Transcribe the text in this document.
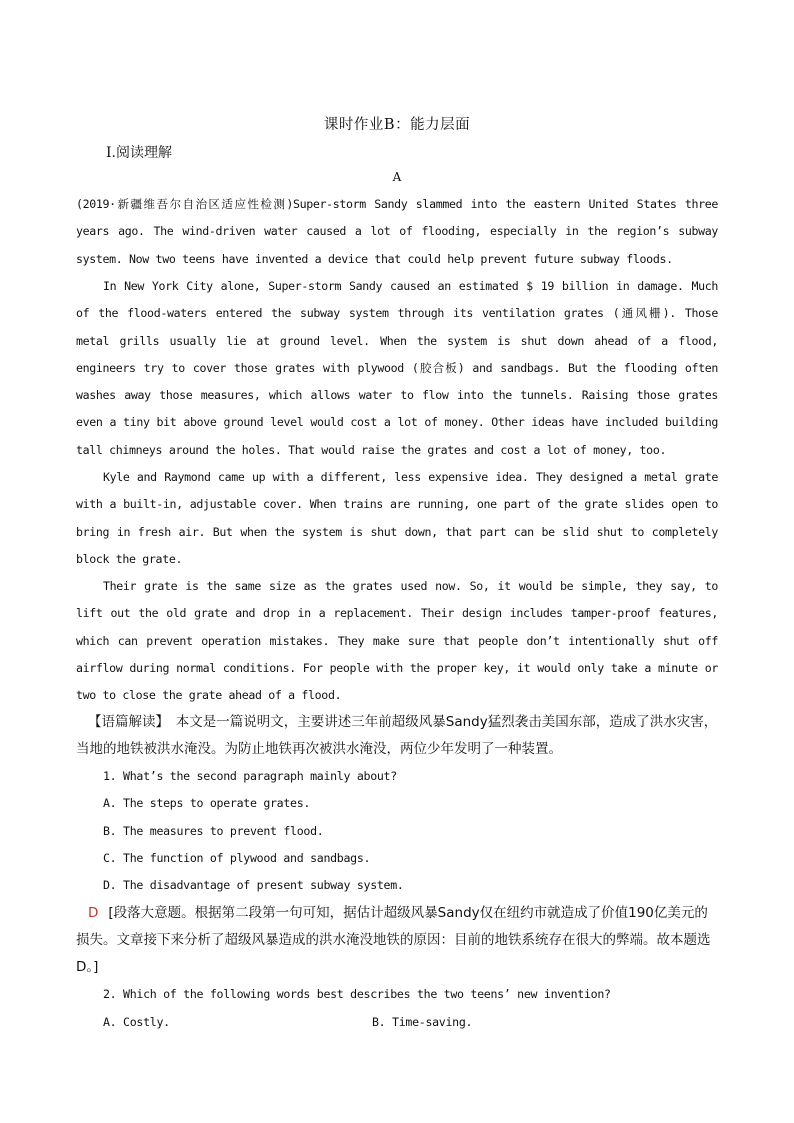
课时作业B：能力层面
Ⅰ.阅读理解
A
(2019·新疆维吾尔自治区适应性检测)Super-storm Sandy slammed into the eastern United States three years ago. The wind-driven water caused a lot of flooding, especially in the region’s subway system. Now two teens have invented a device that could help prevent future subway floods.
In New York City alone, Super-storm Sandy caused an estimated $ 19 billion in damage. Much of the flood-waters entered the subway system through its ventilation grates (通风栅). Those metal grills usually lie at ground level. When the system is shut down ahead of a flood, engineers try to cover those grates with plywood (胶合板) and sandbags. But the flooding often washes away those measures, which allows water to flow into the tunnels. Raising those grates even a tiny bit above ground level would cost a lot of money. Other ideas have included building tall chimneys around the holes. That would raise the grates and cost a lot of money, too.
Kyle and Raymond came up with a different, less expensive idea. They designed a metal grate with a built-in, adjustable cover. When trains are running, one part of the grate slides open to bring in fresh air. But when the system is shut down, that part can be slid shut to completely block the grate.
Their grate is the same size as the grates used now. So, it would be simple, they say, to lift out the old grate and drop in a replacement. Their design includes tamper-proof features, which can prevent operation mistakes. They make sure that people don’t intentionally shut off airflow during normal conditions. For people with the proper key, it would only take a minute or two to close the grate ahead of a flood.
【语篇解读】　本文是一篇说明文，主要讲述三年前超级风暴Sandy猛烈袭击美国东部，造成了洪水灾害，当地的地铁被洪水淹没。为防止地铁再次被洪水淹没，两位少年发明了一种装置。
1. What’s the second paragraph mainly about?
A. The steps to operate grates.
B. The measures to prevent flood.
C. The function of plywood and sandbags.
D. The disadvantage of present subway system.
D [段落大意题。根据第二段第一句可知，据估计超级风暴Sandy仅在纽约市就造成了价值190亿美元的损失。文章接下来分析了超级风暴造成的洪水淹没地铁的原因：目前的地铁系统存在很大的弊端。故本题选D。]
2. Which of the following words best describes the two teens’ new invention?
A. Costly.	B. Time-saving.
